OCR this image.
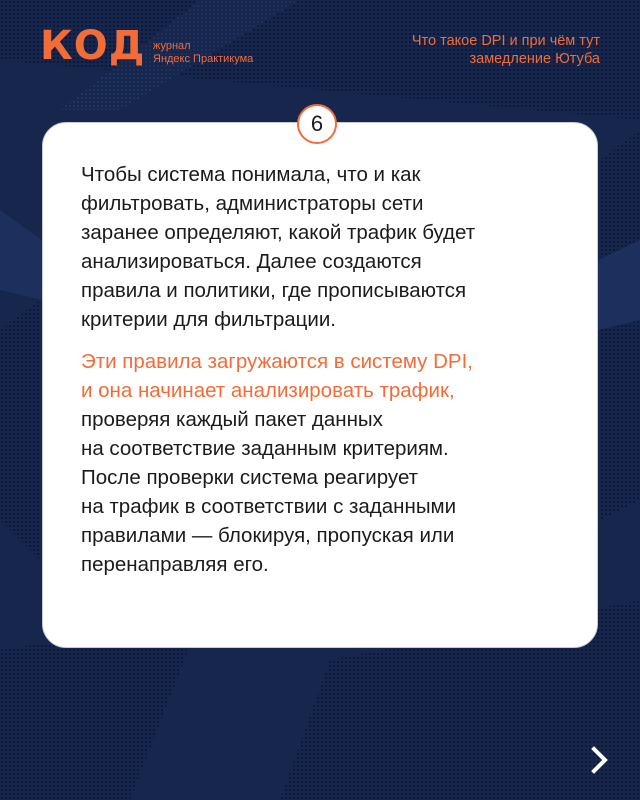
КОД журнал
Яндекс Практикума
Что такое DPI и при чём тут
замедление Ютуба
6
Чтобы система понимала, что и как
фильтровать, администраторы сети
заранее определяют, какой трафик будет
анализироваться. Далее создаются
правила и политики, где прописываются
критерии для фильтрации.
Эти правила загружаются в систему DPI,
и она начинает анализировать трафик,
проверяя каждый пакет данных
на соответствие заданным критериям.
После проверки система реагирует
на трафик в соответствии с заданными
правилами — блокируя, пропуская или
перенаправляя его.
